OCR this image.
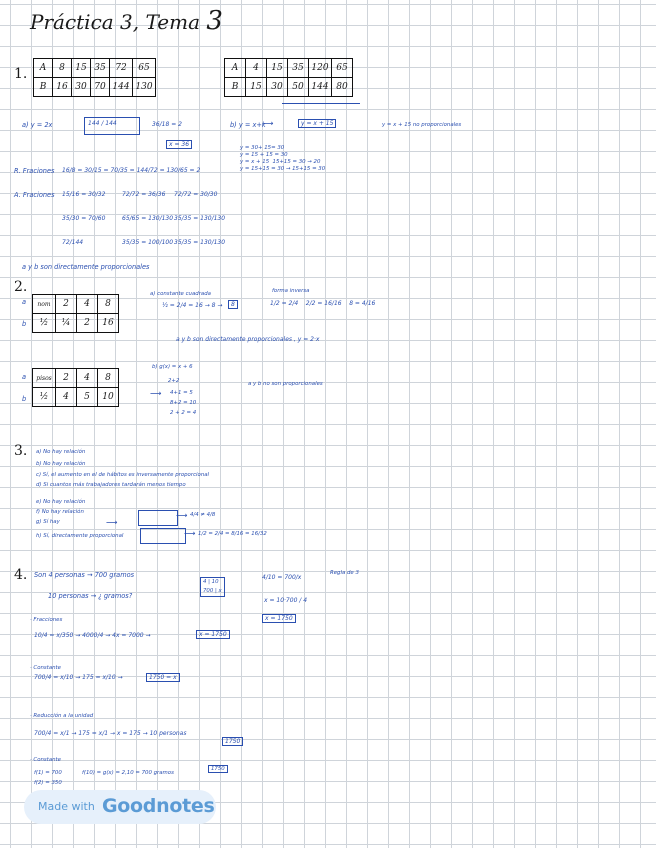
Práctica 3, Tema 3
1. A	8	15	35	72	65
B	16	30	70	144	130
A	4	15	35	120	65
B	15	30	50	144	80
a) y = 2x	144 / 144	36/18 = 2
x = 36
b) y = x+k
⟶	y = x + 15	y = x + 15 no proporcionales
y = 30+ 15= 30
y = 15 + 15 = 30
y = x + 15  15+15 = 30 → 20
y = 15+15 = 30 → 15+15 = 30
R. Fraciones 16/8 = 30/15 = 70/35 = 144/72 = 130/65 = 2
A. Fraciones 15/16 = 30/32	72/72 = 36/36 72/72 = 30/30
35/30 = 70/60	65/65 = 130/130 35/35 = 130/130
72/144	35/35 = 100/100 35/35 = 130/130
a y b son directamente proporcionales
2.
a
b
nom	2	4	8
½	¼	2	16
a) constante cuadrada
½ = 2/4 = 16 → 8 →	8
forma inversa
1/2 = 2/4    2/2 = 16/16    8 = 4/16
a y b son directamente proporcionales , y = 2·x
a
b
pisos	2	4	8
½	4	5	10
b) g(x) = x + 6
2+2
⟶ 4+1 = 5
8+2 = 10
2 + 2 = 4
a y b no son proporcionales
3. a) No hay relación
b) No hay relación
c) Sí, el aumento en el de hábitos es inversamente proporcional
d) Si cuantos más trabajadores tardarán menos tiempo
e) No hay relación
f) No hay relación
g) Sí hay
h) Sí, directamente proporcional
⟶
⟶ 4/4 ≠ 4/8
⟶ 1/2 = 2/4 = 8/16 = 16/32
4. Son 4 personas → 700 gramos
10 personas → ¿ gramos?
4 | 10
700 | x
4/10 = 700/x
Regla de 3
x = 10·700 / 4
x = 1750
· Fracciones
10/4 = x/350 → 4000/4 → 4x = 7000 →	x = 1750
· Constante
700/4 = x/10 → 175 = x/10 →	1750 = x
· Reducción a la unidad
700/4 = x/1 → 175 = x/1 → x = 175 → 10 personas
1750
· Constante
f(1) = 700
f(2) = 350
f(10) = g(x) = 2,10 = 700 gramos
1750
Made with Goodnotes
